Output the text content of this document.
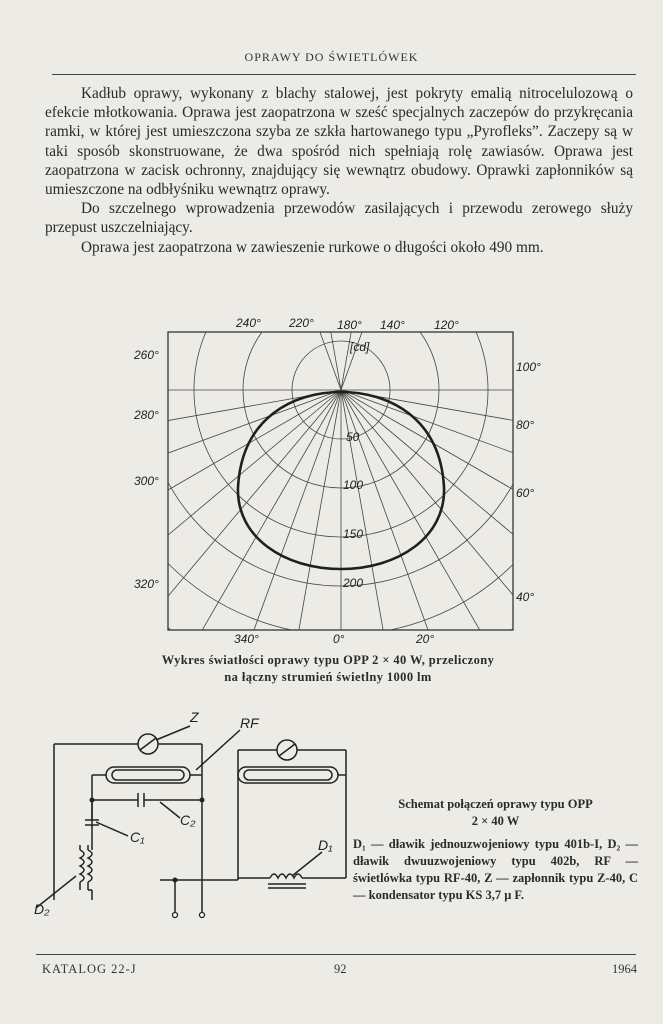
OPRAWY DO ŚWIETLÓWEK

Kadłub oprawy, wykonany z blachy stalowej, jest pokryty emalią nitrocelulozową o efekcie młotkowania. Oprawa jest zaopatrzona w sześć specjalnych zaczepów do przykręcania ramki, w której jest umieszczona szyba ze szkła hartowanego typu „Pyrofleks”. Zaczepy są w taki sposób skonstruowane, że dwa spośród nich spełniają rolę zawiasów. Oprawa jest zaopatrzona w zacisk ochronny, znajdujący się wewnątrz obudowy. Oprawki zapłonników są umieszczone na odbłyśniku wewnątrz oprawy.

Do szczelnego wprowadzenia przewodów zasilających i przewodu zerowego służy przepust uszczelniający.

Oprawa jest zaopatrzona w zawieszenie rurkowe o długości około 490 mm.

[cd]
50
100
150
200
240° 220° 180° 140° 120°
260°
280°
300°
320°
100°
80°
60°
40°
340°	0°	20°
Wykres światłości oprawy typu OPP 2 × 40 W, przeliczony
na łączny strumień świetlny 1000 lm
Z	RF
C₁
C₂
D₁
D₂
Schemat połączeń oprawy typu OPP
2 × 40 W
D₁ — dławik jednouzwojeniowy typu 401b-I, D₂ — dławik dwuuzwojeniowy typu 402b, RF — świetlówka typu RF-40, Z — zapłonnik typu Z-40, C — kondensator typu KS 3,7 μ F.
KATALOG 22-J	92	1964
